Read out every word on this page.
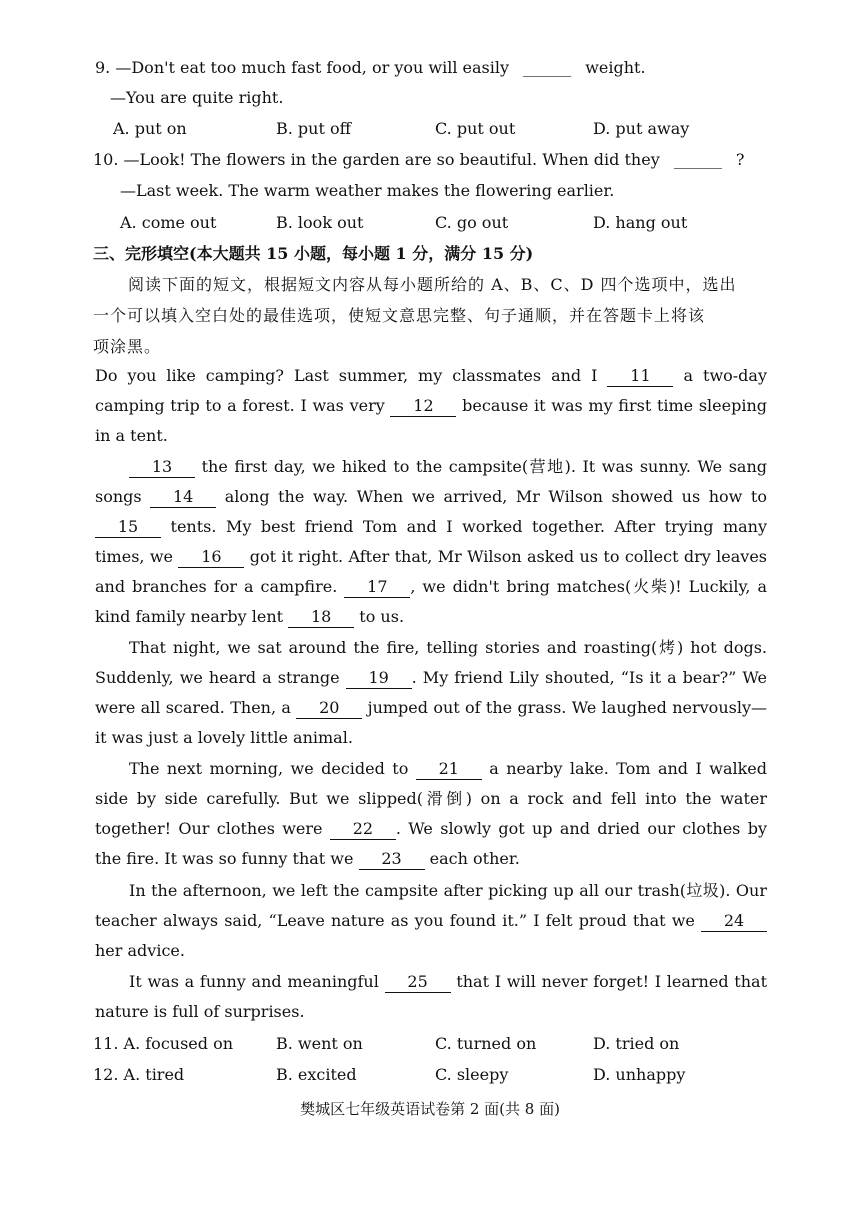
9. —Don't eat too much fast food, or you will easily ______ weight.
—You are quite right.
A. put on	B. put off	C. put out	D. put away
10. —Look! The flowers in the garden are so beautiful. When did they ______ ?
—Last week. The warm weather makes the flowering earlier.
A. come out	B. look out	C. go out	D. hang out
三、完形填空(本大题共 15 小题，每小题 1 分，满分 15 分)
阅读下面的短文，根据短文内容从每小题所给的 A、B、C、D 四个选项中，选出
一个可以填入空白处的最佳选项，使短文意思完整、句子通顺，并在答题卡上将该
项涂黑。
Do you like camping? Last summer, my classmates and I 11 a two-day camping trip to a forest. I was very 12 because it was my first time sleeping in a tent.
13 the first day, we hiked to the campsite(营地). It was sunny. We sang songs 14 along the way. When we arrived, Mr Wilson showed us how to 15 tents. My best friend Tom and I worked together. After trying many times, we 16 got it right. After that, Mr Wilson asked us to collect dry leaves and branches for a campfire. 17 , we didn't bring matches(火柴)! Luckily, a kind family nearby lent 18 to us.
That night, we sat around the fire, telling stories and roasting(烤) hot dogs. Suddenly, we heard a strange 19 . My friend Lily shouted, “Is it a bear?” We were all scared. Then, a 20 jumped out of the grass. We laughed nervously—it was just a lovely little animal.
The next morning, we decided to 21 a nearby lake. Tom and I walked side by side carefully. But we slipped(滑倒) on a rock and fell into the water together! Our clothes were 22 . We slowly got up and dried our clothes by the fire. It was so funny that we 23 each other.
In the afternoon, we left the campsite after picking up all our trash(垃圾). Our teacher always said, “Leave nature as you found it.” I felt proud that we 24 her advice.
It was a funny and meaningful 25 that I will never forget! I learned that nature is full of surprises.
11. A. focused on	B. went on	C. turned on	D. tried on
12. A. tired	B. excited	C. sleepy	D. unhappy
樊城区七年级英语试卷第 2 面(共 8 面)
